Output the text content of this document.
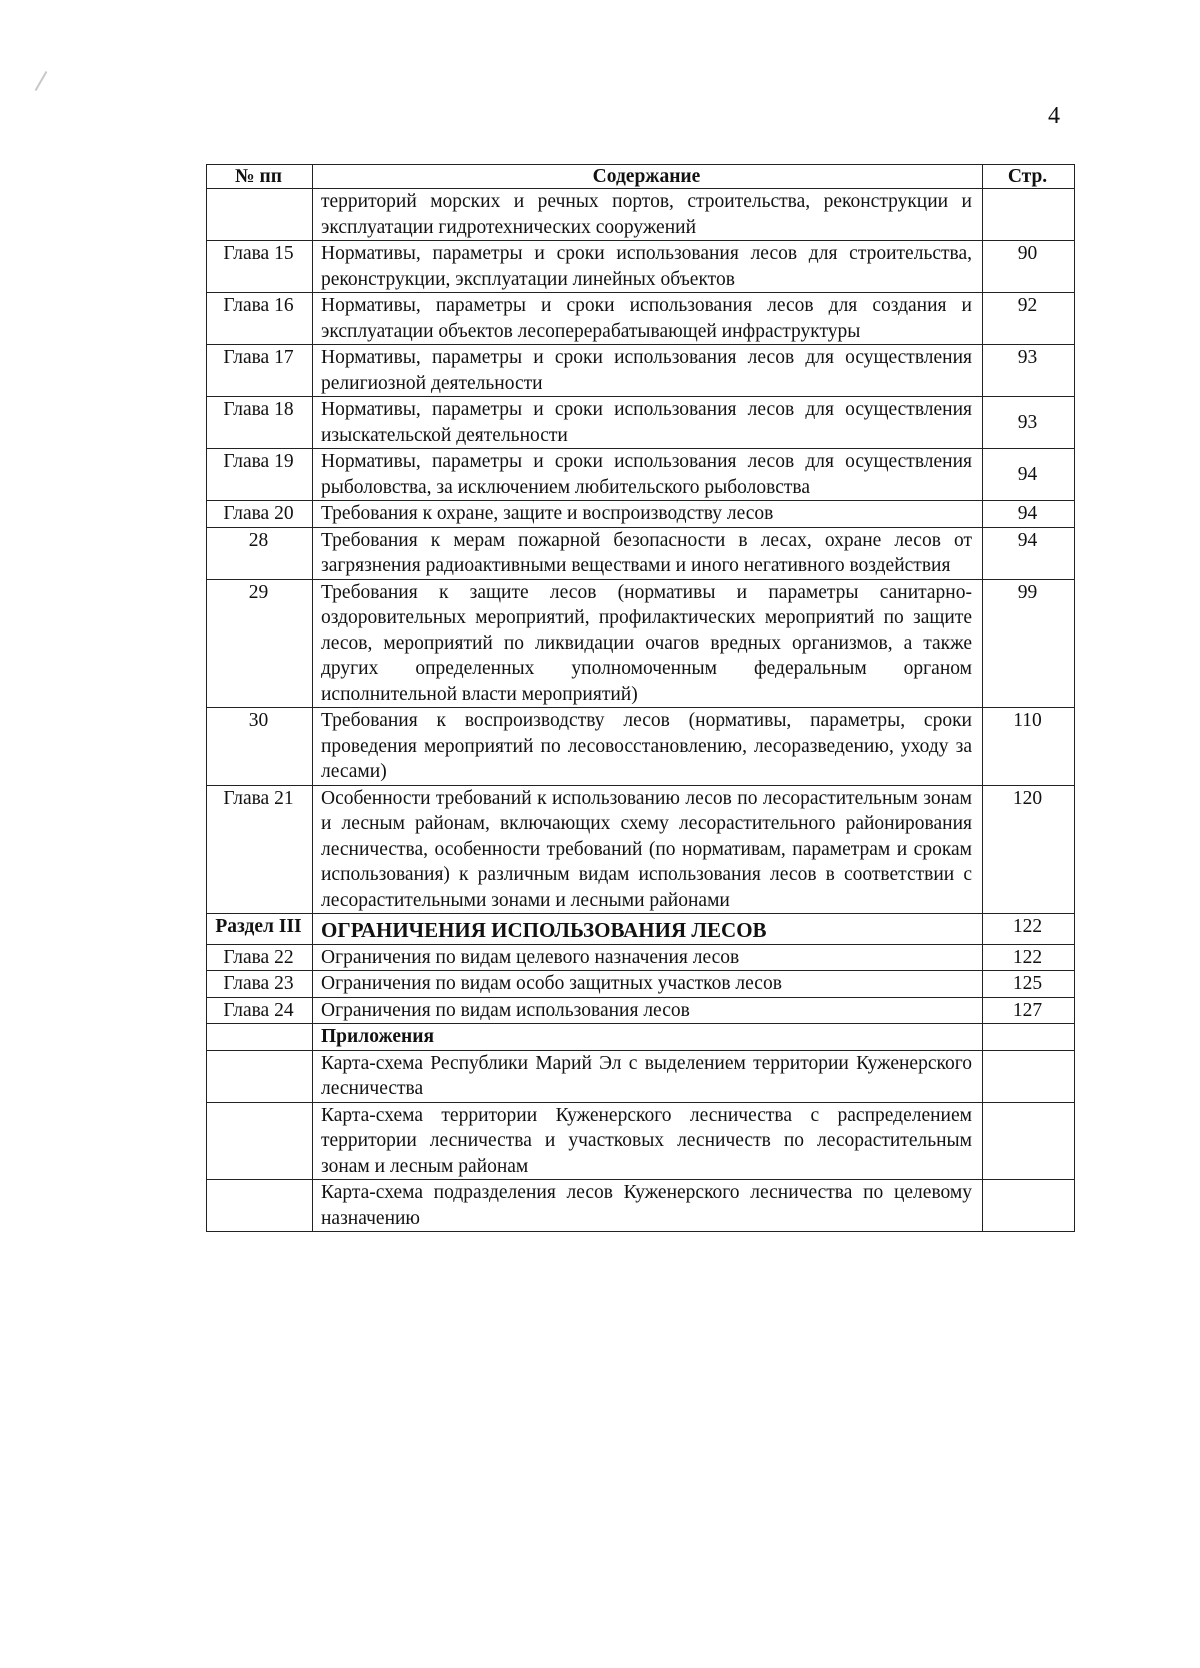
4
№ пп	Содержание	Стр.
	территорий морских и речных портов, строительства, реконструкции и эксплуатации гидротехнических сооружений	
Глава 15	Нормативы, параметры и сроки использования лесов для строительства, реконструкции, эксплуатации линейных объектов	90
Глава 16	Нормативы, параметры и сроки использования лесов для создания и эксплуатации объектов лесоперерабатывающей инфраструктуры	92
Глава 17	Нормативы, параметры и сроки использования лесов для осуществления религиозной деятельности	93
Глава 18	Нормативы, параметры и сроки использования лесов для осуществления изыскательской деятельности	93
Глава 19	Нормативы, параметры и сроки использования лесов для осуществления рыболовства, за исключением любительского рыболовства	94
Глава 20	Требования к охране, защите и воспроизводству лесов	94
28	Требования к мерам пожарной безопасности в лесах, охране лесов от загрязнения радиоактивными веществами и иного негативного воздействия	94
29	Требования к защите лесов (нормативы и параметры санитарно-оздоровительных мероприятий, профилактических мероприятий по защите лесов, мероприятий по ликвидации очагов вредных организмов, а также других определенных уполномоченным федеральным органом исполнительной власти мероприятий)	99
30	Требования к воспроизводству лесов (нормативы, параметры, сроки проведения мероприятий по лесовосстановлению, лесоразведению, уходу за лесами)	110
Глава 21	Особенности требований к использованию лесов по лесорастительным зонам и лесным районам, включающих схему лесорастительного районирования лесничества, особенности требований (по нормативам, параметрам и срокам использования) к различным видам использования лесов в соответствии с лесорастительными зонами и лесными районами	120
Раздел III	ОГРАНИЧЕНИЯ ИСПОЛЬЗОВАНИЯ ЛЕСОВ	122
Глава 22	Ограничения по видам целевого назначения лесов	122
Глава 23	Ограничения по видам особо защитных участков лесов	125
Глава 24	Ограничения по видам использования лесов	127
	Приложения	
	Карта-схема Республики Марий Эл с выделением территории Куженерского лесничества	
	Карта-схема территории Куженерского лесничества с распределением территории лесничества и участковых лесничеств по лесорастительным зонам и лесным районам	
	Карта-схема подразделения лесов Куженерского лесничества по целевому назначению	
